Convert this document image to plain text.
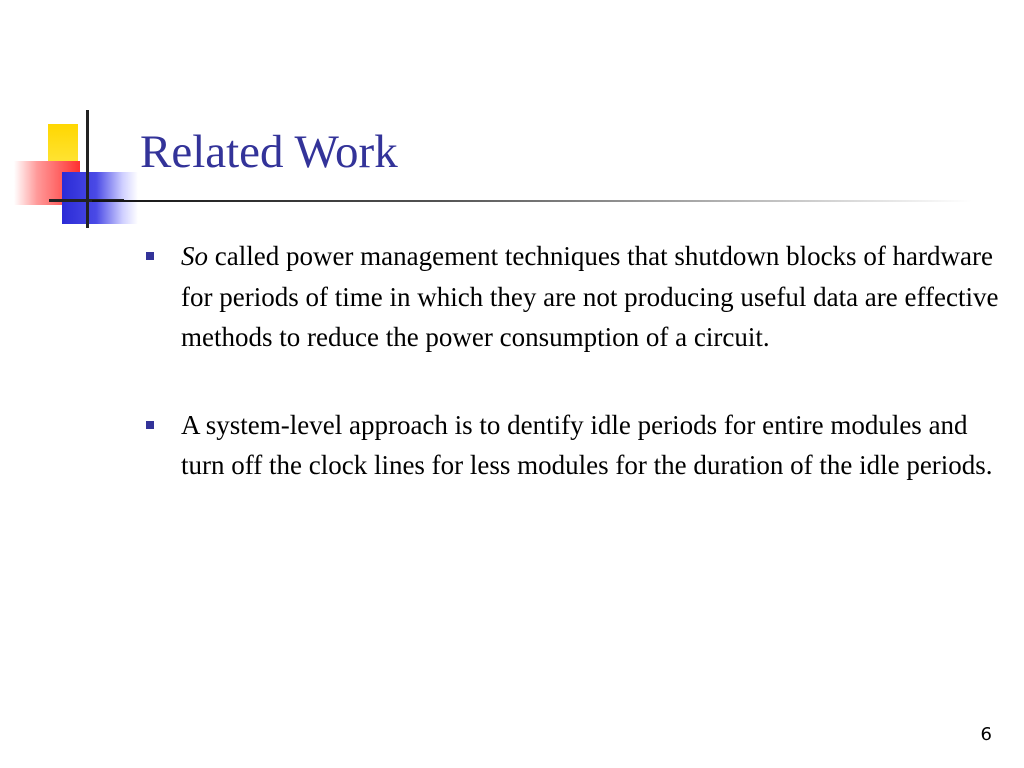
Related Work
So called power management techniques that shutdown blocks of hardware for periods of time in which they are not producing useful data are effective methods to reduce the power consumption of a circuit.
A system-level approach is to dentify idle periods for entire modules and turn off the clock lines for less modules for the duration of the idle periods.
6
